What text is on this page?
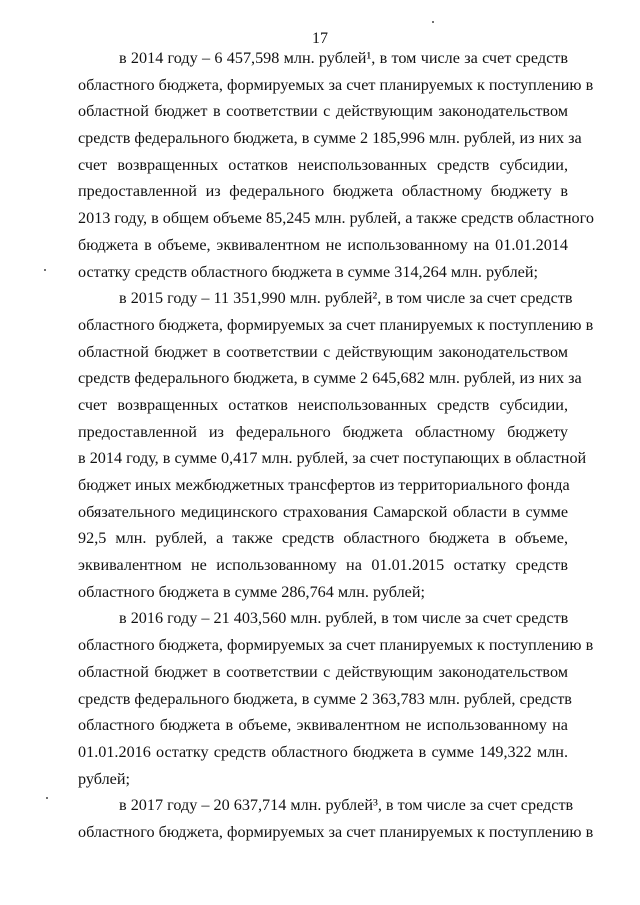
17
в 2014 году – 6 457,598 млн. рублей¹, в том числе за счет средств
областного бюджета, формируемых за счет планируемых к поступлению в
областной бюджет в соответствии с действующим законодательством
средств федерального бюджета, в сумме 2 185,996 млн. рублей, из них за
счет возвращенных остатков неиспользованных средств субсидии,
предоставленной из федерального бюджета областному бюджету в
2013 году, в общем объеме 85,245 млн. рублей, а также средств областного
бюджета в объеме, эквивалентном не использованному на 01.01.2014
остатку средств областного бюджета в сумме 314,264 млн. рублей;
в 2015 году – 11 351,990 млн. рублей², в том числе за счет средств
областного бюджета, формируемых за счет планируемых к поступлению в
областной бюджет в соответствии с действующим законодательством
средств федерального бюджета, в сумме 2 645,682 млн. рублей, из них за
счет возвращенных остатков неиспользованных средств субсидии,
предоставленной из федерального бюджета областному бюджету
в 2014 году, в сумме 0,417 млн. рублей, за счет поступающих в областной
бюджет иных межбюджетных трансфертов из территориального фонда
обязательного медицинского страхования Самарской области в сумме
92,5 млн. рублей, а также средств областного бюджета в объеме,
эквивалентном не использованному на 01.01.2015 остатку средств
областного бюджета в сумме 286,764 млн. рублей;
в 2016 году – 21 403,560 млн. рублей, в том числе за счет средств
областного бюджета, формируемых за счет планируемых к поступлению в
областной бюджет в соответствии с действующим законодательством
средств федерального бюджета, в сумме 2 363,783 млн. рублей, средств
областного бюджета в объеме, эквивалентном не использованному на
01.01.2016 остатку средств областного бюджета в сумме 149,322 млн.
рублей;
в 2017 году – 20 637,714 млн. рублей³, в том числе за счет средств
областного бюджета, формируемых за счет планируемых к поступлению в
